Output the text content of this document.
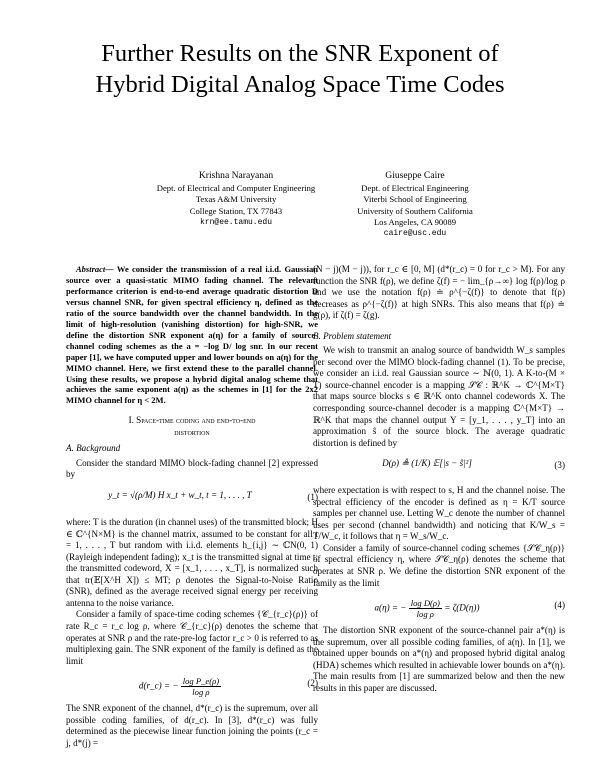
Further Results on the SNR Exponent of
Hybrid Digital Analog Space Time Codes
Krishna Narayanan
Dept. of Electrical and Computer Engineering
Texas A&M University
College Station, TX 77843
krn@ee.tamu.edu
Giuseppe Caire
Dept. of Electrical Engineering
Viterbi School of Engineering
University of Southern California
Los Angeles, CA 90089
caire@usc.edu

Abstract— We consider the transmission of a real i.i.d. Gaussian source over a quasi-static MIMO fading channel. The relevant performance criterion is end-to-end average quadratic distortion D versus channel SNR, for given spectral efficiency η, defined as the ratio of the source bandwidth over the channel bandwidth. In the limit of high-resolution (vanishing distortion) for high-SNR, we define the distortion SNR exponent a(η) for a family of source-channel coding schemes as the a = −log D/ log snr. In our recent paper [1], we have computed upper and lower bounds on a(η) for the MIMO channel. Here, we first extend these to the parallel channel. Using these results, we propose a hybrid digital analog scheme that achieves the same exponent a(η) as the schemes in [1] for the 2x2 MIMO channel for η < 2M.

I. Space-time coding and end-to-end
distortion
A. Background

Consider the standard MIMO block-fading channel [2] expressed by

y_t = √(ρ/M) H x_t + w_t, t = 1, . . . , T	(1)

where: T is the duration (in channel uses) of the transmitted block; H ∈ ℂ^{N×M} is the channel matrix, assumed to be constant for all t = 1, . . . , T but random with i.i.d. elements h_{i,j} ∼ ℂN(0, 1) (Rayleigh independent fading); x_t is the transmitted signal at time t; the transmitted codeword, X = [x_1, . . . , x_T], is normalized such that tr(𝔼[X^H X]) ≤ MT; ρ denotes the Signal-to-Noise Ratio (SNR), defined as the average received signal energy per receiving antenna to the noise variance.

Consider a family of space-time coding schemes {𝒞_{r_c}(ρ)} of rate R_c = r_c log ρ, where 𝒞_{r_c}(ρ) denotes the scheme that operates at SNR ρ and the rate-pre-log factor r_c > 0 is referred to as multiplexing gain. The SNR exponent of the family is defined as the limit

d(r_c) = − $\frac{\text{log P\_e(ρ)}}{\text{log ρ}}$	(2)

The SNR exponent of the channel, d*(r_c) is the supremum, over all possible coding families, of d(r_c). In [3], d*(r_c) was fully determined as the piecewise linear function joining the points (r_c = j, d*(j) =

(N − j)(M − j)), for r_c ∈ [0, M] (d*(r_c) = 0 for r_c > M). For any function the SNR f(ρ), we define ζ(f) = − lim_{ρ→∞} log f(ρ)/log ρ and we use the notation f(ρ) ≐ ρ^{−ζ(f)} to denote that f(ρ) decreases as ρ^{−ζ(f)} at high SNRs. This also means that f(ρ) ≐ g(ρ), if ζ(f) = ζ(g).

B. Problem statement

We wish to transmit an analog source of bandwidth W_s samples per second over the MIMO block-fading channel (1). To be precise, we consider an i.i.d. real Gaussian source ∼ ℕ(0, 1). A K-to-(M × T) source-channel encoder is a mapping 𝒮𝒞 : ℝ^K → ℂ^{M×T} that maps source blocks s ∈ ℝ^K onto channel codewords X. The corresponding source-channel decoder is a mapping ℂ^{M×T} → ℝ^K that maps the channel output Y = [y_1, . . . , y_T] into an approximation ŝ of the source block. The average quadratic distortion is defined by

D(ρ) ≜ (1/K) 𝔼[|s − ŝ|²]	(3)

where expectation is with respect to s, H and the channel noise. The spectral efficiency of the encoder is defined as η = K/T source samples per channel use. Letting W_c denote the number of channel uses per second (channel bandwidth) and noticing that K/W_s = T/W_c, it follows that η = W_s/W_c.

Consider a family of source-channel coding schemes {𝒮𝒞_η(ρ)} of spectral efficiency η, where 𝒮𝒞_η(ρ) denotes the scheme that operates at SNR ρ. We define the distortion SNR exponent of the family as the limit

a(η) = − $\frac{\text{log D(ρ)}}{\text{log ρ}} = \zeta(D(\eta))$	(4)

The distortion SNR exponent of the source-channel pair a*(η) is the supremum, over all possible coding families, of a(η). In [1], we obtained upper bounds on a*(η) and proposed hybrid digital analog (HDA) schemes which resulted in achievable lower bounds on a*(η). The main results from [1] are summarized below and then the new results in this paper are discussed.
